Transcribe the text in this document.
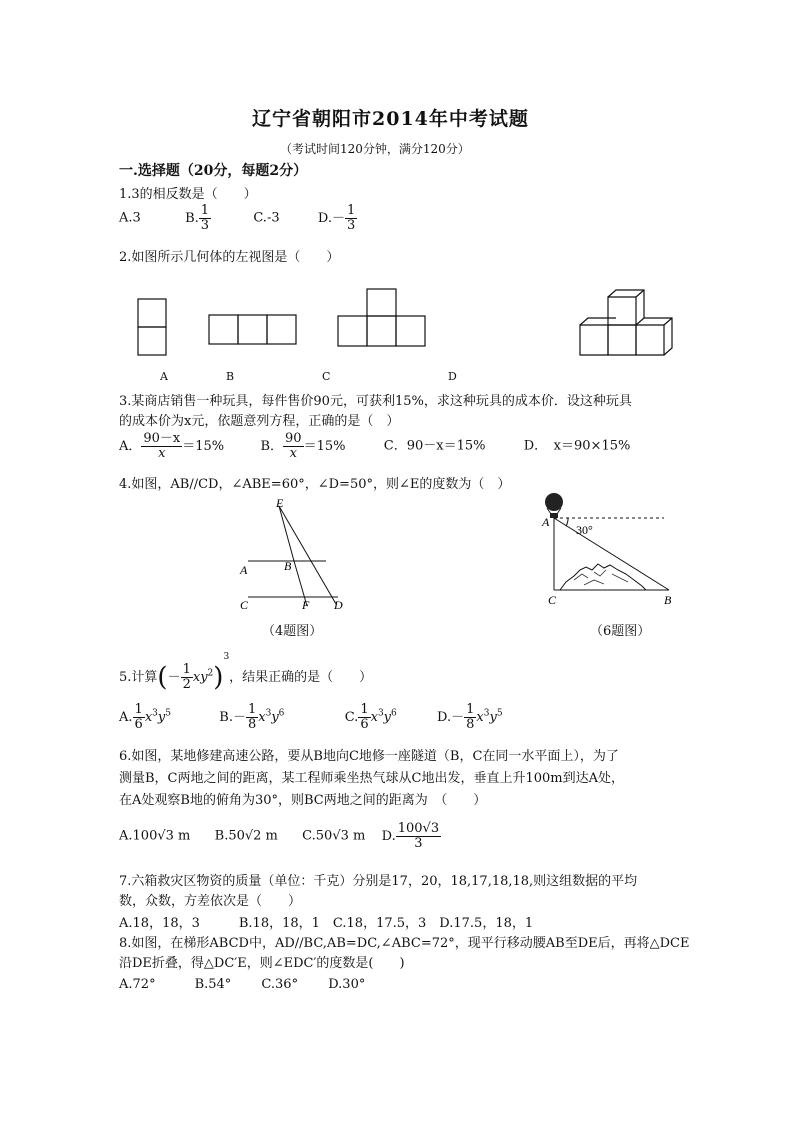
辽宁省朝阳市2014年中考试题
（考试时间120分钟，满分120分）
一.选择题（20分，每题2分）
1.3的相反数是（　　）
A.3	B. $\frac{1}{3}$	C.-3	$D.- \frac{1}{3}$
2.如图所示几何体的左视图是（　　）
A	B	C	D
3.某商店销售一种玩具，每件售价90元，可获利15%，求这种玩具的成本价．设这种玩具
的成本价为x元，依题意列方程，正确的是（　）
A． $\frac{90-x}{x} =15\%$	B． $\frac{90}{x} =15\%$	C．90－x＝15%	D．　x＝90×15%
4.如图，AB//CD，∠ABE=60°，∠D=50°，则∠E的度数为（　）
E
A	B
C	F D
（4题图）
A
30°
C	B
（6题图）
5.计算(－ $\frac{1}{2} xy^2)^3$，结果正确的是（　　）
A. $\frac{1}{6} x^3y^5$	$B.- \frac{1}{8} x^3y^6$	C. $\frac{1}{6} x^3y^6$	$D.- \frac{1}{8} x^3y^5$
6.如图，某地修建高速公路，要从B地向C地修一座隧道（B，C在同一水平面上），为了
测量B，C两地之间的距离，某工程师乘坐热气球从C地出发，垂直上升100m到达A处，
在A处观察B地的俯角为30°，则BC两地之间的距离为　（　　）
A.100√3 m B.50√2 m C.50√3 m D. $\frac{100√3}{3}$
7.六箱救灾区物资的质量（单位：千克）分别是17，20，18,17,18,18,则这组数据的平均
数，众数，方差依次是（　　）
A.18，18，3　　　B.18，18，1　C.18，17.5，3　D.17.5，18，1
8.如图，在梯形ABCD中，AD//BC,AB=DC,∠ABC=72°，现平行移动腰AB至DE后，再将△DCE
沿DE折叠，得△DC′E，则∠EDC′的度数是(　　)
A.72°　　　B.54°　　 C.36°　　 D.30°
